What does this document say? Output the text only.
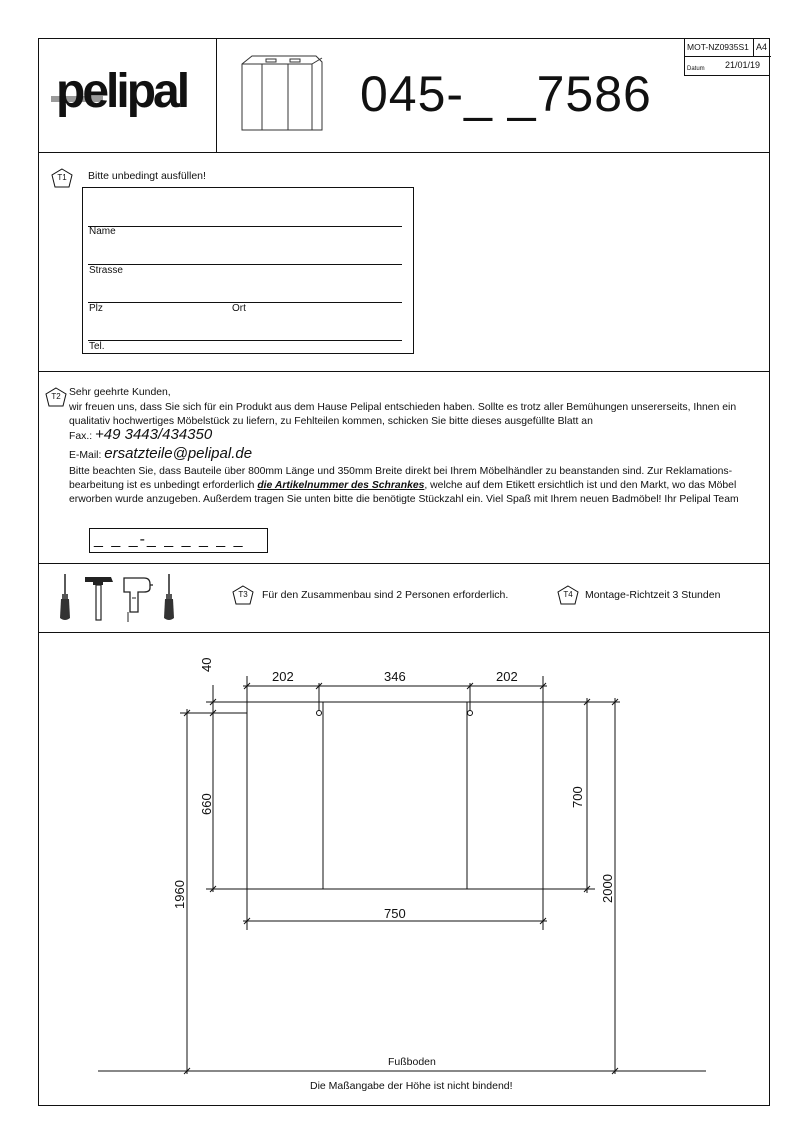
pelipal	045-_ _7586
MOT-NZ0935S1 A4
Datum 21/01/19
T1	Bitte unbedingt ausfüllen!
Name
Strasse
Plz	Ort
Tel.
T2 Sehr geehrte Kunden,
wir freuen uns, dass Sie sich für ein Produkt aus dem Hause Pelipal entschieden haben. Sollte es trotz aller Bemühungen unsererseits, Ihnen ein
qualitativ hochwertiges Möbelstück zu liefern, zu Fehlteilen kommen, schicken Sie bitte dieses ausgefüllte Blatt an
Fax.: +49 3443/434350
E-Mail: ersatzteile@pelipal.de
Bitte beachten Sie, dass Bauteile über 800mm Länge und 350mm Breite direkt bei Ihrem Möbelhändler zu beanstanden sind. Zur Reklamations-
bearbeitung ist es unbedingt erforderlich die Artikelnummer des Schrankes, welche auf dem Etikett ersichtlich ist und den Markt, wo das Möbel
erworben wurde anzugeben. Außerdem tragen Sie unten bitte die benötigte Stückzahl ein. Viel Spaß mit Ihrem neuen Badmöbel! Ihr Pelipal Team
_ _ _-_ _ _ _ _ _
T3	Für den Zusammenbau sind 2 Personen erforderlich.	T4	Montage-Richtzeit 3 Stunden
202	346	202
750
40
660	700
2000
1960
Fußboden
Die Maßangabe der Höhe ist nicht bindend!
